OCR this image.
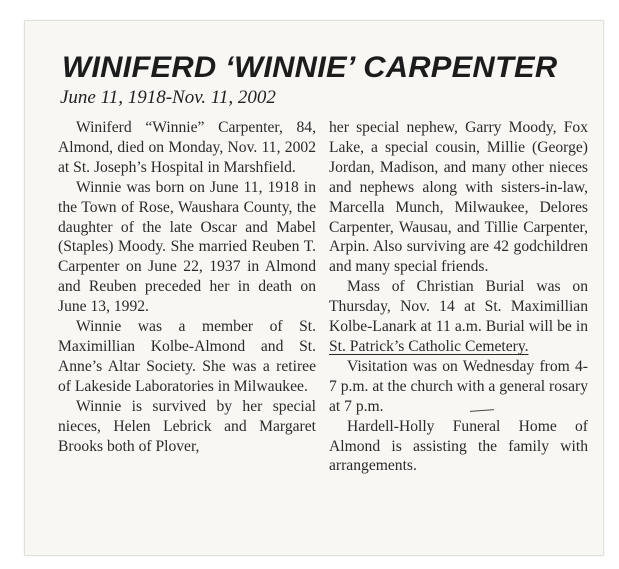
WINIFERD ‘WINNIE’ CARPENTER
June 11, 1918-Nov. 11, 2002

Winiferd “Winnie” Carpenter, 84, Almond, died on Monday, Nov. 11, 2002 at St. Joseph’s Hospital in Marshfield.

Winnie was born on June 11, 1918 in the Town of Rose, Waushara County, the daughter of the late Oscar and Mabel (Staples) Moody. She married Reuben T. Carpenter on June 22, 1937 in Almond and Reuben preceded her in death on June 13, 1992.

Winnie was a member of St. Maximillian Kolbe-Almond and St. Anne’s Altar Society. She was a retiree of Lakeside Laboratories in Milwaukee.

Winnie is survived by her special nieces, Helen Lebrick and Margaret Brooks both of Plover,

her special nephew, Garry Moody, Fox Lake, a special cousin, Millie (George) Jordan, Madison, and many other nieces and nephews along with sisters-in-law, Marcella Munch, Milwaukee, Delores Carpenter, Wausau, and Tillie Carpenter, Arpin. Also surviving are 42 godchildren and many special friends.

Mass of Christian Burial was on Thursday, Nov. 14 at St. Maximillian Kolbe-Lanark at 11 a.m. Burial will be in St. Patrick’s Catholic Cemetery.

Visitation was on Wednesday from 4-7 p.m. at the church with a general rosary at 7 p.m.

Hardell-Holly Funeral Home of Almond is assisting the family with arrangements.
